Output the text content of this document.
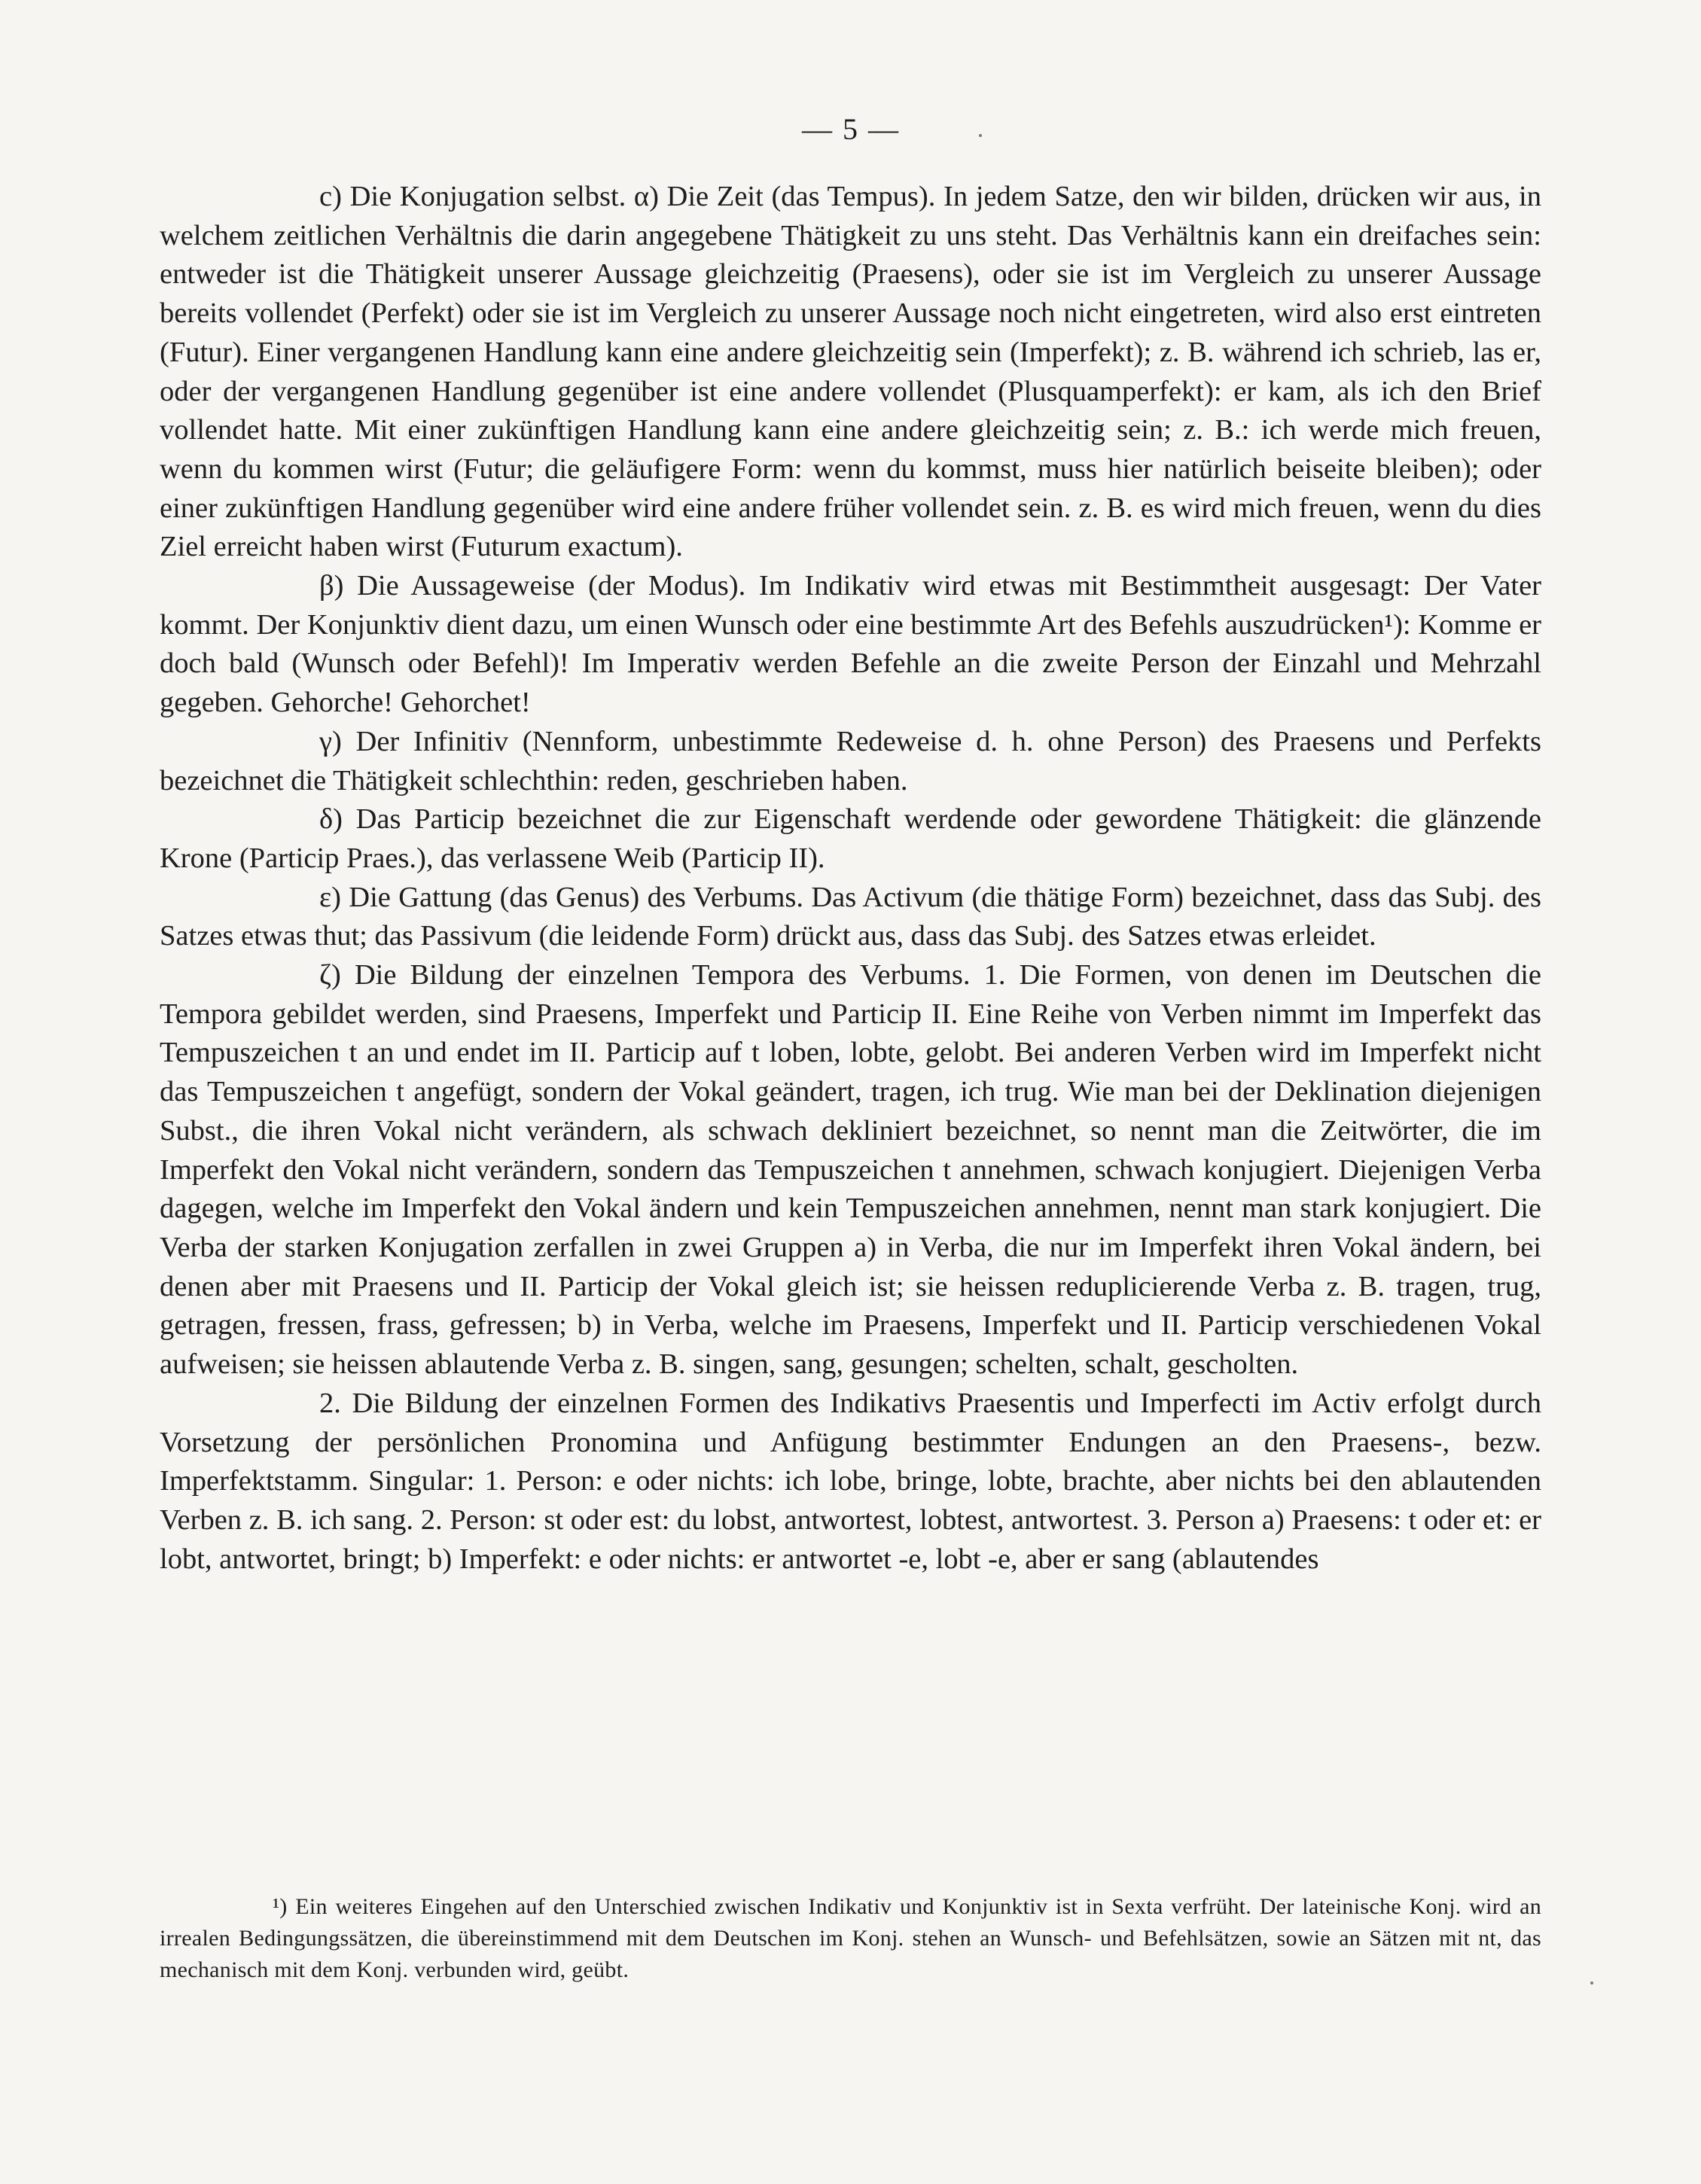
— 5 —

c) Die Konjugation selbst. α) Die Zeit (das Tempus). In jedem Satze, den wir bilden, drücken wir aus, in welchem zeitlichen Verhältnis die darin angegebene Thätigkeit zu uns steht. Das Verhältnis kann ein dreifaches sein: entweder ist die Thätigkeit unserer Aussage gleichzeitig (Praesens), oder sie ist im Vergleich zu unserer Aussage bereits vollendet (Perfekt) oder sie ist im Vergleich zu unserer Aussage noch nicht eingetreten, wird also erst eintreten (Futur). Einer vergangenen Handlung kann eine andere gleichzeitig sein (Imperfekt); z. B. während ich schrieb, las er, oder der vergangenen Handlung gegenüber ist eine andere vollendet (Plusquamperfekt): er kam, als ich den Brief vollendet hatte. Mit einer zukünftigen Handlung kann eine andere gleichzeitig sein; z. B.: ich werde mich freuen, wenn du kommen wirst (Futur; die geläufigere Form: wenn du kommst, muss hier natürlich beiseite bleiben); oder einer zukünftigen Handlung gegenüber wird eine andere früher vollendet sein. z. B. es wird mich freuen, wenn du dies Ziel erreicht haben wirst (Futurum exactum).

β) Die Aussageweise (der Modus). Im Indikativ wird etwas mit Bestimmtheit ausgesagt: Der Vater kommt. Der Konjunktiv dient dazu, um einen Wunsch oder eine bestimmte Art des Befehls auszudrücken¹): Komme er doch bald (Wunsch oder Befehl)! Im Imperativ werden Befehle an die zweite Person der Einzahl und Mehrzahl gegeben. Gehorche! Gehorchet!

γ) Der Infinitiv (Nennform, unbestimmte Redeweise d. h. ohne Person) des Praesens und Perfekts bezeichnet die Thätigkeit schlechthin: reden, geschrieben haben.

δ) Das Particip bezeichnet die zur Eigenschaft werdende oder gewordene Thätigkeit: die glänzende Krone (Particip Praes.), das verlassene Weib (Particip II).

ε) Die Gattung (das Genus) des Verbums. Das Activum (die thätige Form) bezeichnet, dass das Subj. des Satzes etwas thut; das Passivum (die leidende Form) drückt aus, dass das Subj. des Satzes etwas erleidet.

ζ) Die Bildung der einzelnen Tempora des Verbums. 1. Die Formen, von denen im Deutschen die Tempora gebildet werden, sind Praesens, Imperfekt und Particip II. Eine Reihe von Verben nimmt im Imperfekt das Tempuszeichen t an und endet im II. Particip auf t loben, lobte, gelobt. Bei anderen Verben wird im Imperfekt nicht das Tempuszeichen t angefügt, sondern der Vokal geändert, tragen, ich trug. Wie man bei der Deklination diejenigen Subst., die ihren Vokal nicht verändern, als schwach dekliniert bezeichnet, so nennt man die Zeitwörter, die im Imperfekt den Vokal nicht verändern, sondern das Tempuszeichen t annehmen, schwach konjugiert. Diejenigen Verba dagegen, welche im Imperfekt den Vokal ändern und kein Tempuszeichen annehmen, nennt man stark konjugiert. Die Verba der starken Konjugation zerfallen in zwei Gruppen a) in Verba, die nur im Imperfekt ihren Vokal ändern, bei denen aber mit Praesens und II. Particip der Vokal gleich ist; sie heissen reduplicierende Verba z. B. tragen, trug, getragen, fressen, frass, gefressen; b) in Verba, welche im Praesens, Imperfekt und II. Particip verschiedenen Vokal aufweisen; sie heissen ablautende Verba z. B. singen, sang, gesungen; schelten, schalt, gescholten.

2. Die Bildung der einzelnen Formen des Indikativs Praesentis und Imperfecti im Activ erfolgt durch Vorsetzung der persönlichen Pronomina und Anfügung bestimmter Endungen an den Praesens-, bezw. Imperfektstamm. Singular: 1. Person: e oder nichts: ich lobe, bringe, lobte, brachte, aber nichts bei den ablautenden Verben z. B. ich sang. 2. Person: st oder est: du lobst, antwortest, lobtest, antwortest. 3. Person a) Praesens: t oder et: er lobt, antwortet, bringt; b) Imperfekt: e oder nichts: er antwortet -e, lobt -e, aber er sang (ablautendes

¹) Ein weiteres Eingehen auf den Unterschied zwischen Indikativ und Konjunktiv ist in Sexta verfrüht. Der lateinische Konj. wird an irrealen Bedingungssätzen, die übereinstimmend mit dem Deutschen im Konj. stehen an Wunsch- und Befehlsätzen, sowie an Sätzen mit nt, das mechanisch mit dem Konj. verbunden wird, geübt.
